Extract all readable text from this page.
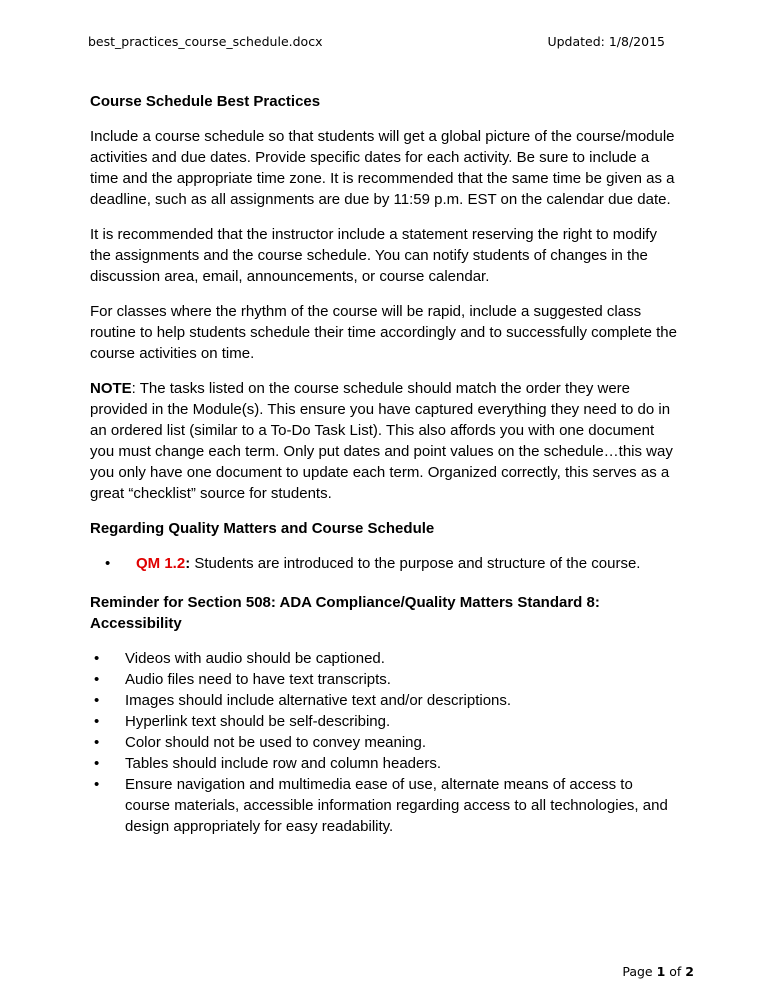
best_practices_course_schedule.docx	Updated: 1/8/2015

Course Schedule Best Practices

Include a course schedule so that students will get a global picture of the course/module activities and due dates. Provide specific dates for each activity. Be sure to include a time and the appropriate time zone. It is recommended that the same time be given as a deadline, such as all assignments are due by 11:59 p.m. EST on the calendar due date.

It is recommended that the instructor include a statement reserving the right to modify the assignments and the course schedule. You can notify students of changes in the discussion area, email, announcements, or course calendar.

For classes where the rhythm of the course will be rapid, include a suggested class routine to help students schedule their time accordingly and to successfully complete the course activities on time.

NOTE: The tasks listed on the course schedule should match the order they were provided in the Module(s). This ensure you have captured everything they need to do in an ordered list (similar to a To-Do Task List). This also affords you with one document you must change each term. Only put dates and point values on the schedule…this way you only have one document to update each term. Organized correctly, this serves as a great “checklist” source for students.

Regarding Quality Matters and Course Schedule

• QM 1.2: Students are introduced to the purpose and structure of the course.

Reminder for Section 508: ADA Compliance/Quality Matters Standard 8: Accessibility

• Videos with audio should be captioned.
• Audio files need to have text transcripts.
• Images should include alternative text and/or descriptions.
• Hyperlink text should be self-describing.
• Color should not be used to convey meaning.
• Tables should include row and column headers.
• Ensure navigation and multimedia ease of use, alternate means of access to course materials, accessible information regarding access to all technologies, and design appropriately for easy readability.
Page 1 of 2
